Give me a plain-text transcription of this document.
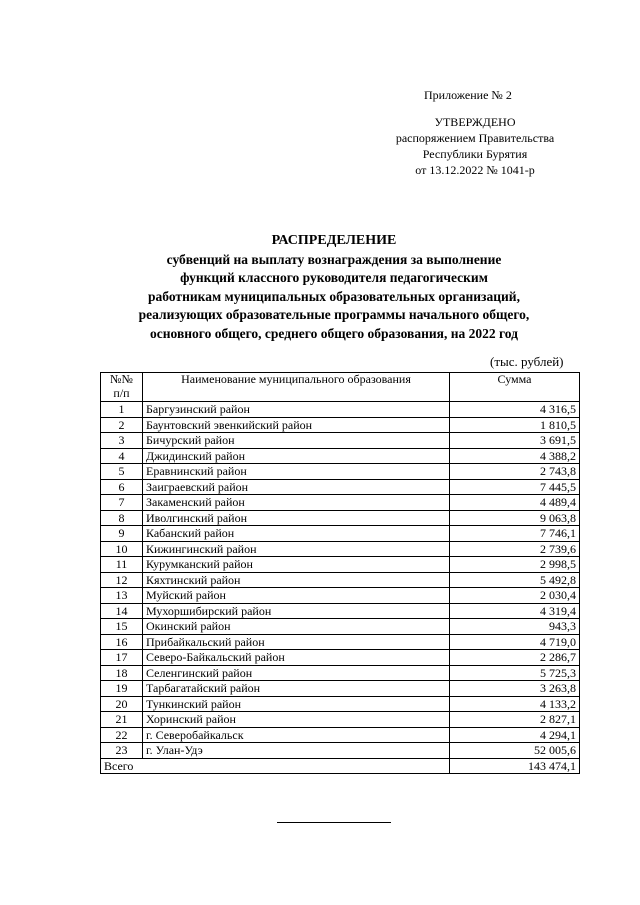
Приложение № 2
УТВЕРЖДЕНО
распоряжением Правительства
Республики Бурятия
от 13.12.2022 № 1041-р
РАСПРЕДЕЛЕНИЕ
субвенций на выплату вознаграждения за выполнение
функций классного руководителя педагогическим
работникам муниципальных образовательных организаций,
реализующих образовательные программы начального общего,
основного общего, среднего общего образования, на 2022 год
(тыс. рублей)
№№ п/п	Наименование муниципального образования	Сумма
1	Баргузинский район	4 316,5
2	Баунтовский эвенкийский район	1 810,5
3	Бичурский район	3 691,5
4	Джидинский район	4 388,2
5	Еравнинский район	2 743,8
6	Заиграевский район	7 445,5
7	Закаменский район	4 489,4
8	Иволгинский район	9 063,8
9	Кабанский район	7 746,1
10	Кижингинский район	2 739,6
11	Курумканский район	2 998,5
12	Кяхтинский район	5 492,8
13	Муйский район	2 030,4
14	Мухоршибирский район	4 319,4
15	Окинский район	943,3
16	Прибайкальский район	4 719,0
17	Северо-Байкальский район	2 286,7
18	Селенгинский район	5 725,3
19	Тарбагатайский район	3 263,8
20	Тункинский район	4 133,2
21	Хоринский район	2 827,1
22	г. Северобайкальск	4 294,1
23	г. Улан-Удэ	52 005,6
Всего		143 474,1
